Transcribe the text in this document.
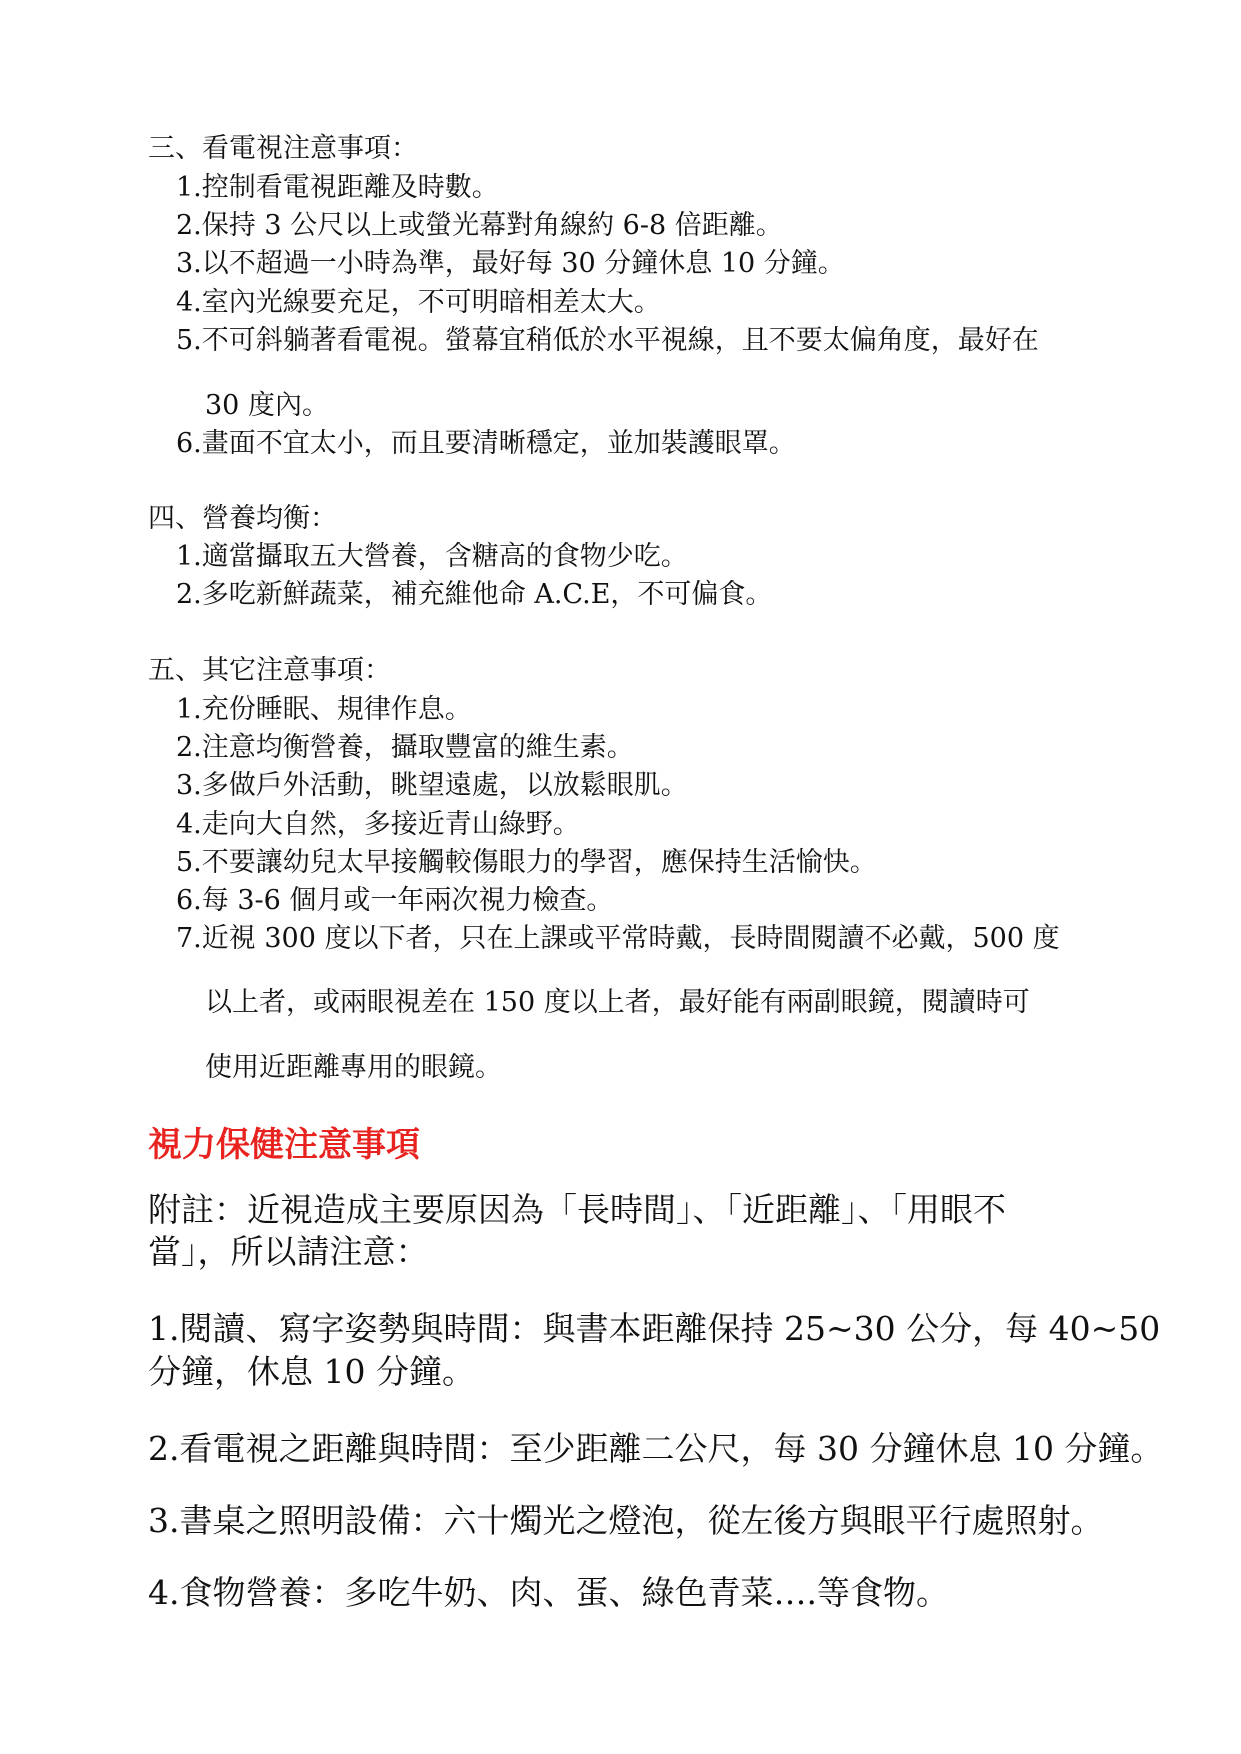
三、看電視注意事項：
1.控制看電視距離及時數。
2.保持 3 公尺以上或螢光幕對角線約 6-8 倍距離。
3.以不超過一小時為準，最好每 30 分鐘休息 10 分鐘。
4.室內光線要充足，不可明暗相差太大。
5.不可斜躺著看電視。螢幕宜稍低於水平視線，且不要太偏角度，最好在
30 度內。
6.畫面不宜太小，而且要清晰穩定，並加裝護眼罩。
四、營養均衡：
1.適當攝取五大營養，含糖高的食物少吃。
2.多吃新鮮蔬菜，補充維他命 A.C.E，不可偏食。
五、其它注意事項：
1.充份睡眠、規律作息。
2.注意均衡營養，攝取豐富的維生素。
3.多做戶外活動，眺望遠處，以放鬆眼肌。
4.走向大自然，多接近青山綠野。
5.不要讓幼兒太早接觸較傷眼力的學習，應保持生活愉快。
6.每 3-6 個月或一年兩次視力檢查。
7.近視 300 度以下者，只在上課或平常時戴，長時間閱讀不必戴，500 度
以上者，或兩眼視差在 150 度以上者，最好能有兩副眼鏡，閱讀時可
使用近距離專用的眼鏡。
視力保健注意事項
附註：近視造成主要原因為「長時間」、「近距離」、「用眼不
當」，所以請注意：
1.閱讀、寫字姿勢與時間：與書本距離保持 25~30 公分，每 40~50
分鐘，休息 10 分鐘。
2.看電視之距離與時間：至少距離二公尺，每 30 分鐘休息 10 分鐘。
3.書桌之照明設備：六十燭光之燈泡，從左後方與眼平行處照射。
4.食物營養：多吃牛奶、肉、蛋、綠色青菜….等食物。
